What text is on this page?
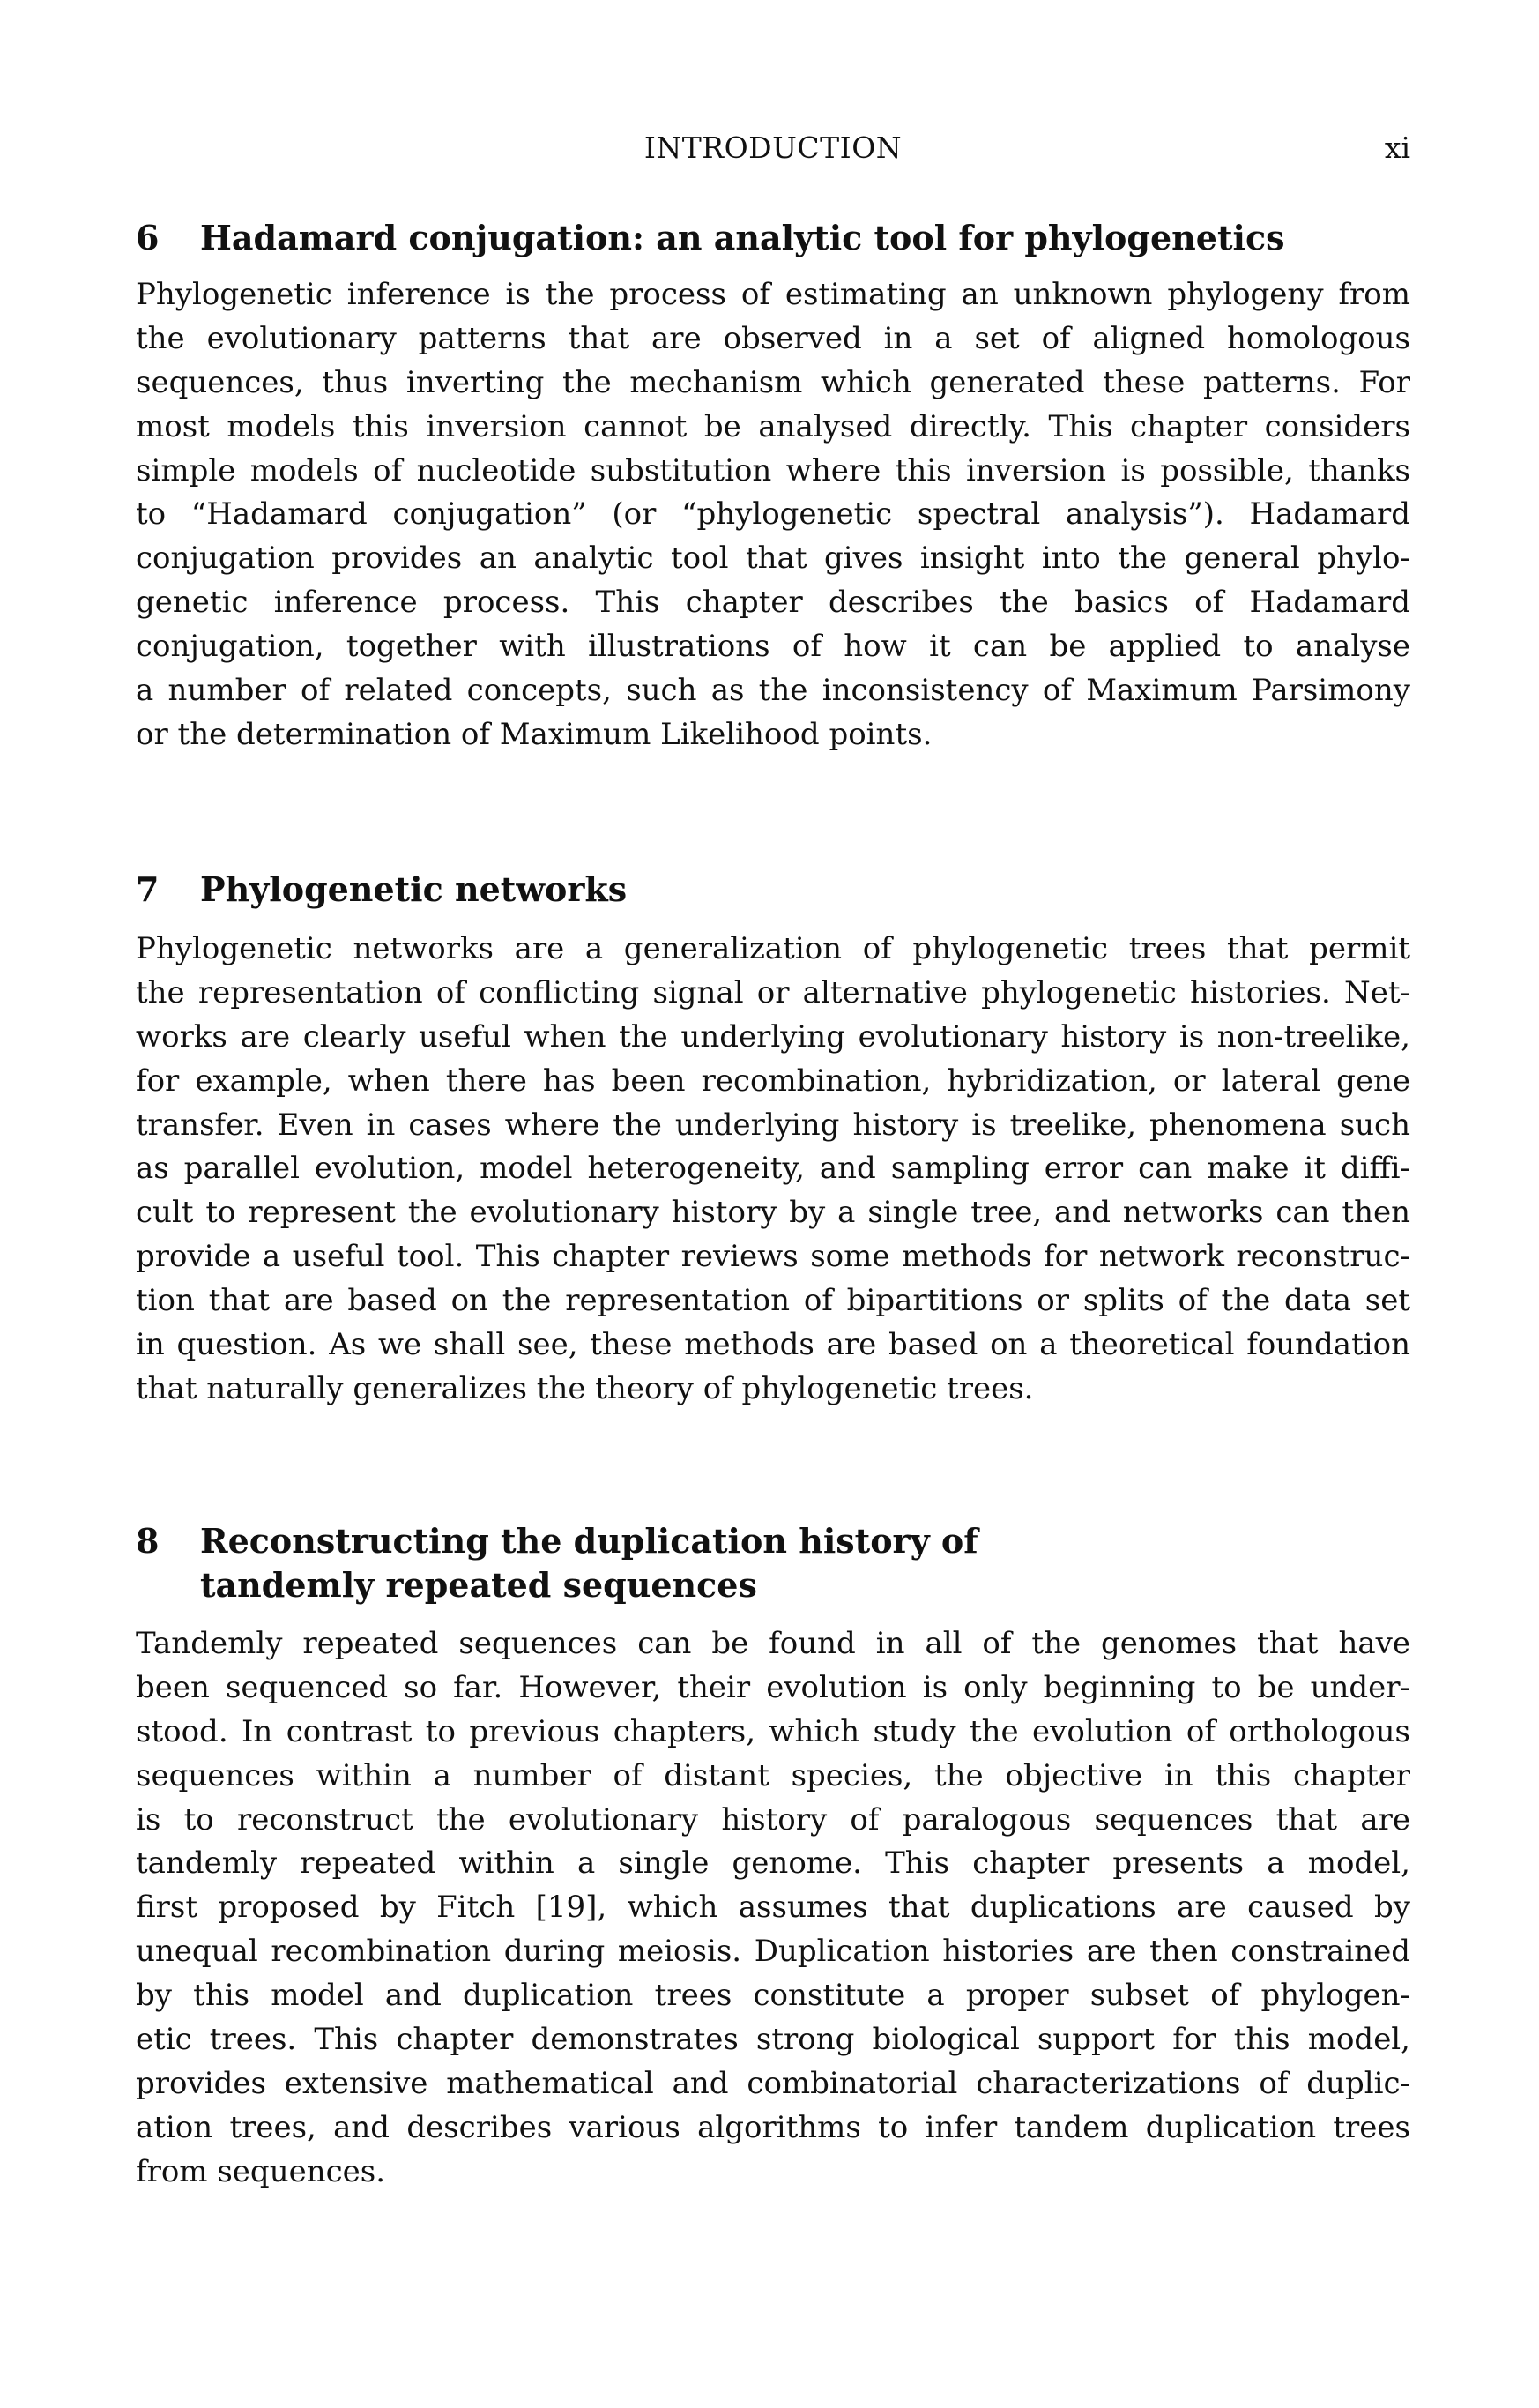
INTRODUCTION	xi
6 Hadamard conjugation: an analytic tool for phylogenetics
Phylogenetic inference is the process of estimating an unknown phylogeny from
the evolutionary patterns that are observed in a set of aligned homologous
sequences, thus inverting the mechanism which generated these patterns. For
most models this inversion cannot be analysed directly. This chapter considers
simple models of nucleotide substitution where this inversion is possible, thanks
to “Hadamard conjugation” (or “phylogenetic spectral analysis”). Hadamard
conjugation provides an analytic tool that gives insight into the general phylo-
genetic inference process. This chapter describes the basics of Hadamard
conjugation, together with illustrations of how it can be applied to analyse
a number of related concepts, such as the inconsistency of Maximum Parsimony
or the determination of Maximum Likelihood points.
7 Phylogenetic networks
Phylogenetic networks are a generalization of phylogenetic trees that permit
the representation of conflicting signal or alternative phylogenetic histories. Net-
works are clearly useful when the underlying evolutionary history is non-treelike,
for example, when there has been recombination, hybridization, or lateral gene
transfer. Even in cases where the underlying history is treelike, phenomena such
as parallel evolution, model heterogeneity, and sampling error can make it diffi-
cult to represent the evolutionary history by a single tree, and networks can then
provide a useful tool. This chapter reviews some methods for network reconstruc-
tion that are based on the representation of bipartitions or splits of the data set
in question. As we shall see, these methods are based on a theoretical foundation
that naturally generalizes the theory of phylogenetic trees.
8 Reconstructing the duplication history of
tandemly repeated sequences
Tandemly repeated sequences can be found in all of the genomes that have
been sequenced so far. However, their evolution is only beginning to be under-
stood. In contrast to previous chapters, which study the evolution of orthologous
sequences within a number of distant species, the objective in this chapter
is to reconstruct the evolutionary history of paralogous sequences that are
tandemly repeated within a single genome. This chapter presents a model,
first proposed by Fitch [19], which assumes that duplications are caused by
unequal recombination during meiosis. Duplication histories are then constrained
by this model and duplication trees constitute a proper subset of phylogen-
etic trees. This chapter demonstrates strong biological support for this model,
provides extensive mathematical and combinatorial characterizations of duplic-
ation trees, and describes various algorithms to infer tandem duplication trees
from sequences.
